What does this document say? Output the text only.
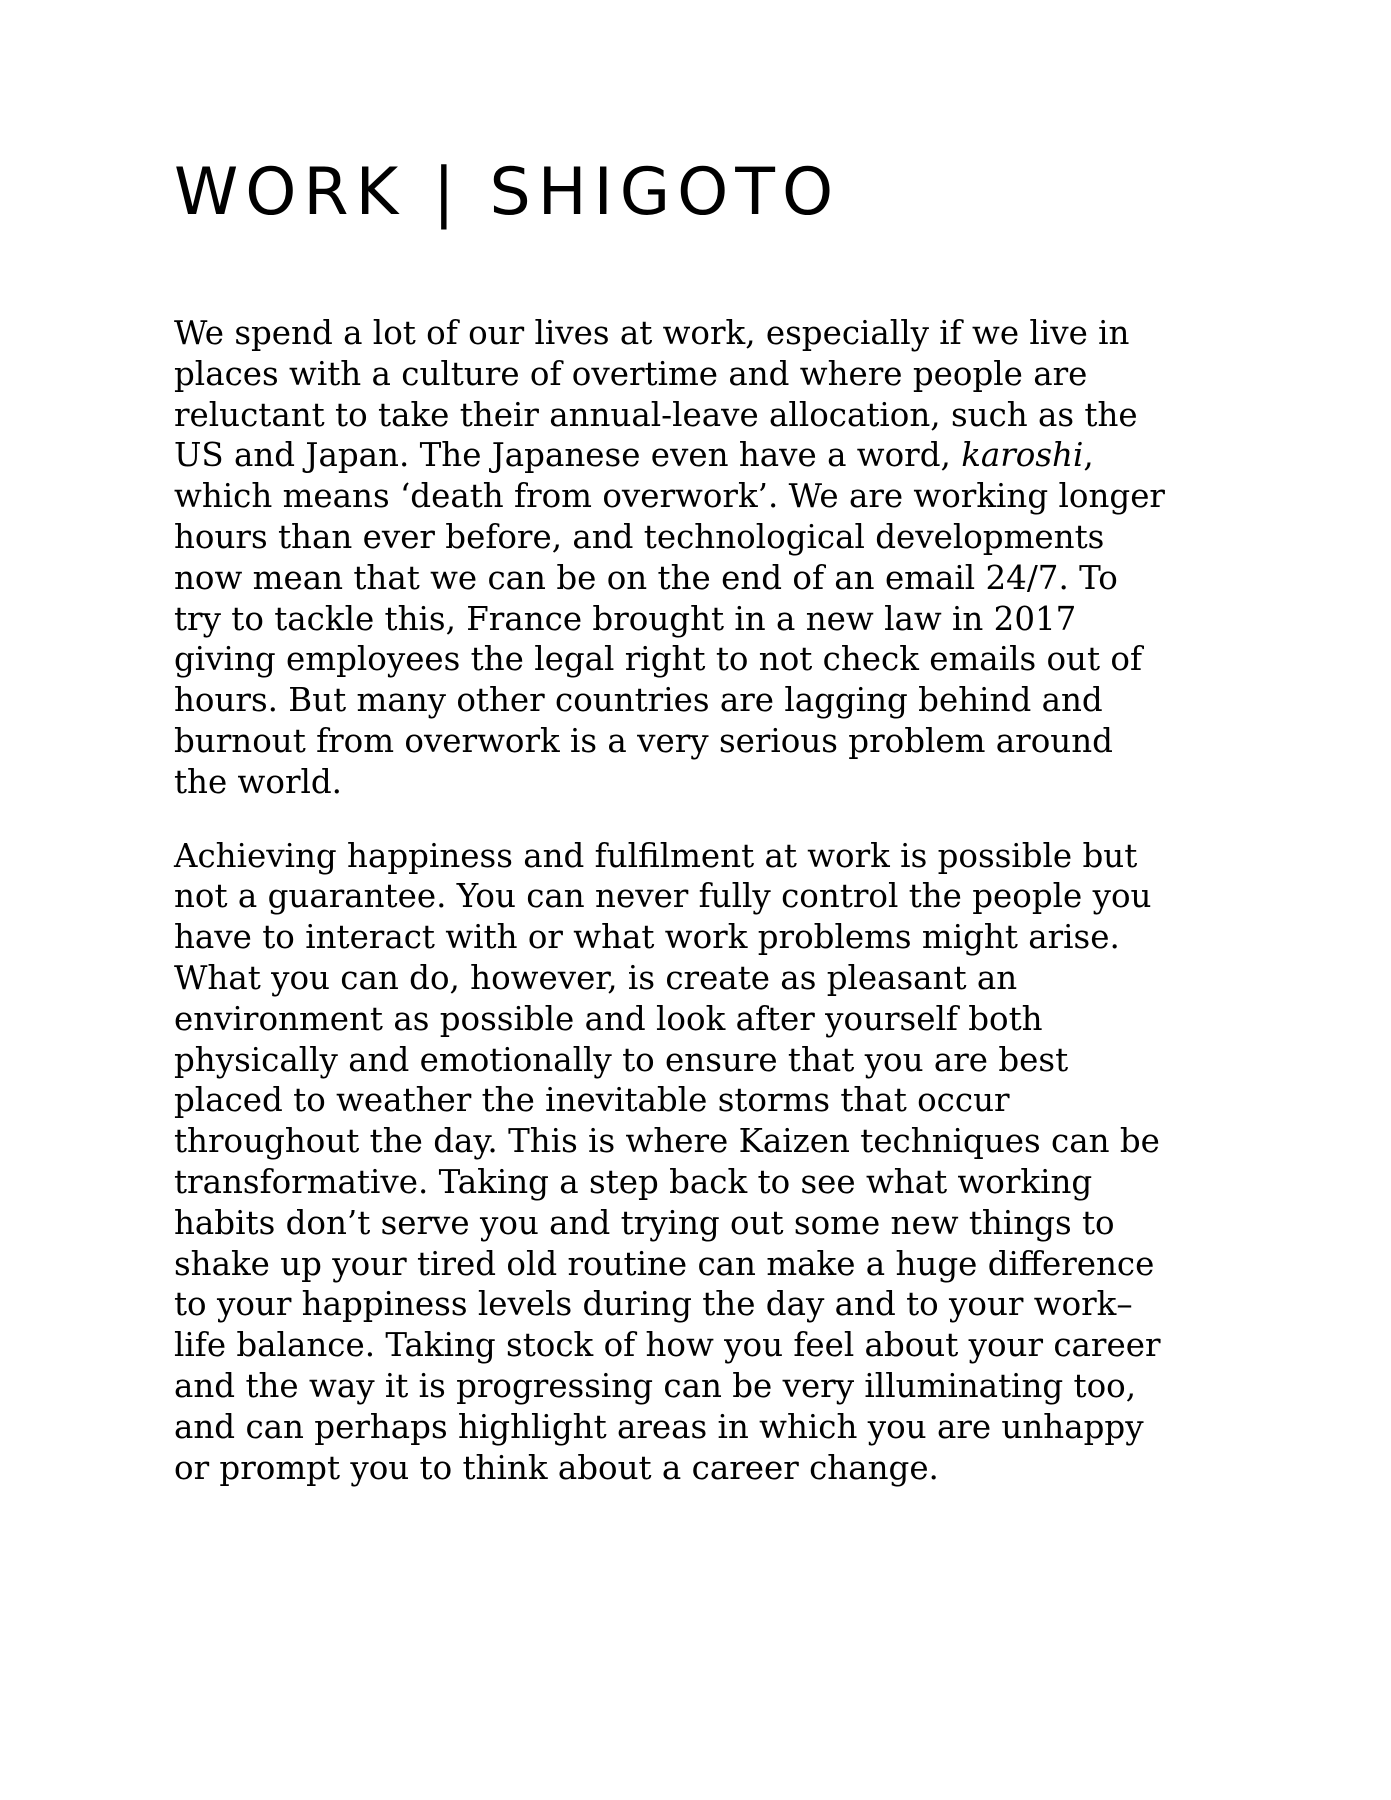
WORK | SHIGOTO

We spend a lot of our lives at work, especially if we live in
places with a culture of overtime and where people are
reluctant to take their annual-leave allocation, such as the
US and Japan. The Japanese even have a word, karoshi,
which means ‘death from overwork’. We are working longer
hours than ever before, and technological developments
now mean that we can be on the end of an email 24/7. To
try to tackle this, France brought in a new law in 2017
giving employees the legal right to not check emails out of
hours. But many other countries are lagging behind and
burnout from overwork is a very serious problem around
the world.

Achieving happiness and fulfilment at work is possible but
not a guarantee. You can never fully control the people you
have to interact with or what work problems might arise.
What you can do, however, is create as pleasant an
environment as possible and look after yourself both
physically and emotionally to ensure that you are best
placed to weather the inevitable storms that occur
throughout the day. This is where Kaizen techniques can be
transformative. Taking a step back to see what working
habits don’t serve you and trying out some new things to
shake up your tired old routine can make a huge difference
to your happiness levels during the day and to your work–
life balance. Taking stock of how you feel about your career
and the way it is progressing can be very illuminating too,
and can perhaps highlight areas in which you are unhappy
or prompt you to think about a career change.
